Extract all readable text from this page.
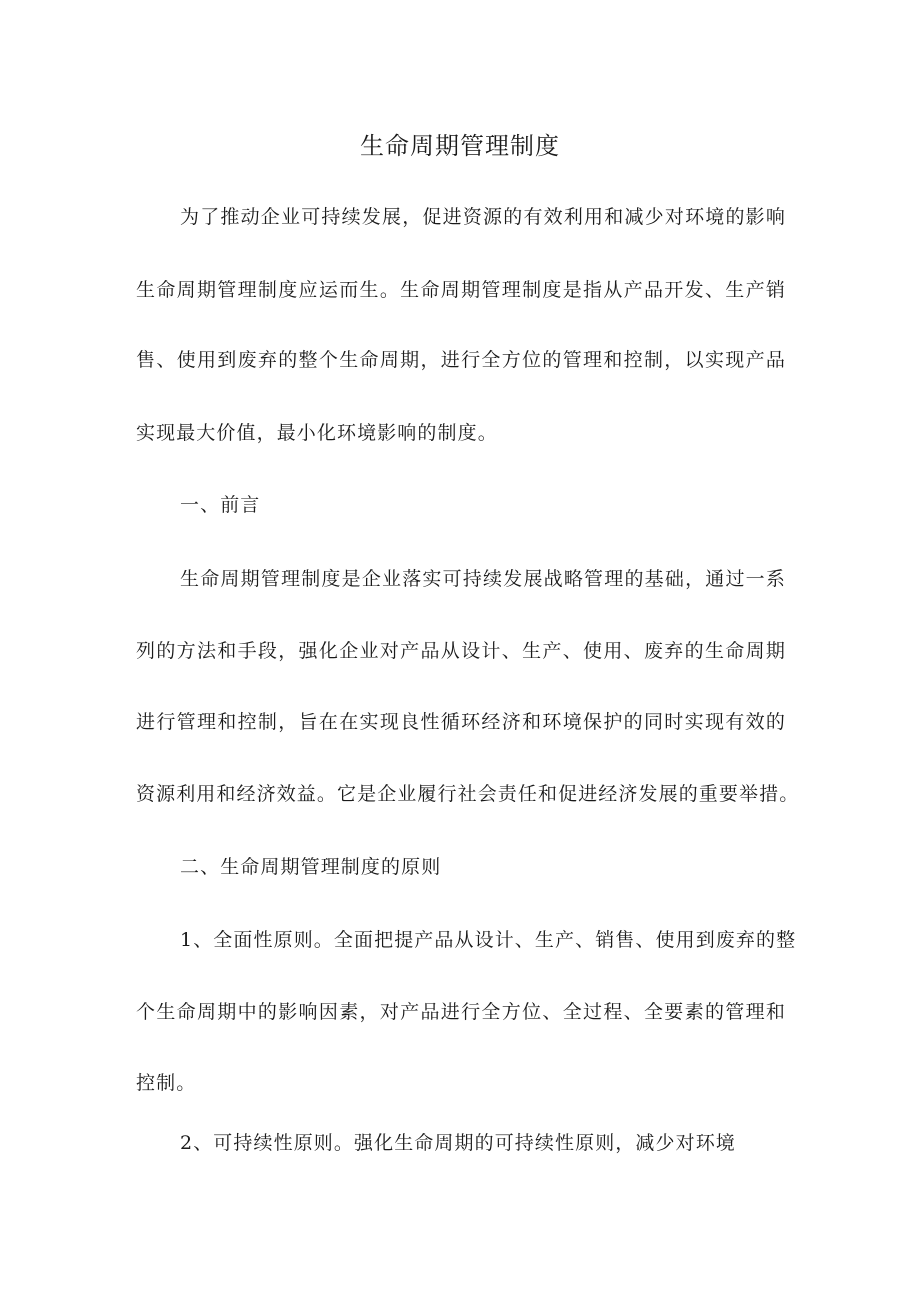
生命周期管理制度
为了推动企业可持续发展，促进资源的有效利用和减少对环境的影响
生命周期管理制度应运而生。生命周期管理制度是指从产品开发、生产销
售、使用到废弃的整个生命周期，进行全方位的管理和控制，以实现产品
实现最大价值，最小化环境影响的制度。
一、前言
生命周期管理制度是企业落实可持续发展战略管理的基础，通过一系
列的方法和手段，强化企业对产品从设计、生产、使用、废弃的生命周期
进行管理和控制，旨在在实现良性循环经济和环境保护的同时实现有效的
资源利用和经济效益。它是企业履行社会责任和促进经济发展的重要举措。
二、生命周期管理制度的原则
1、全面性原则。全面把提产品从设计、生产、销售、使用到废弃的整
个生命周期中的影响因素，对产品进行全方位、全过程、全要素的管理和
控制。
2、可持续性原则。强化生命周期的可持续性原则，减少对环境
